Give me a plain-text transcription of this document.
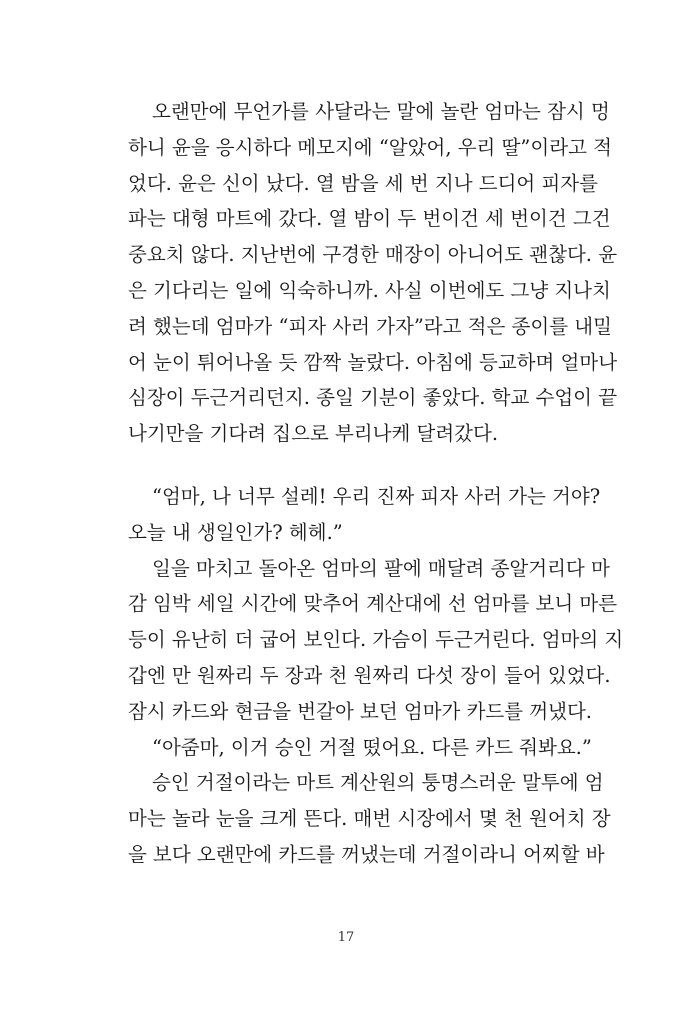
오랜만에 무언가를 사달라는 말에 놀란 엄마는 잠시 멍
하니 윤을 응시하다 메모지에 “알았어, 우리 딸”이라고 적
었다. 윤은 신이 났다. 열 밤을 세 번 지나 드디어 피자를
파는 대형 마트에 갔다. 열 밤이 두 번이건 세 번이건 그건
중요치 않다. 지난번에 구경한 매장이 아니어도 괜찮다. 윤
은 기다리는 일에 익숙하니까. 사실 이번에도 그냥 지나치
려 했는데 엄마가 “피자 사러 가자”라고 적은 종이를 내밀
어 눈이 튀어나올 듯 깜짝 놀랐다. 아침에 등교하며 얼마나
심장이 두근거리던지. 종일 기분이 좋았다. 학교 수업이 끝
나기만을 기다려 집으로 부리나케 달려갔다.
“엄마, 나 너무 설레! 우리 진짜 피자 사러 가는 거야?
오늘 내 생일인가? 헤헤.”
일을 마치고 돌아온 엄마의 팔에 매달려 종알거리다 마
감 임박 세일 시간에 맞추어 계산대에 선 엄마를 보니 마른
등이 유난히 더 굽어 보인다. 가슴이 두근거린다. 엄마의 지
갑엔 만 원짜리 두 장과 천 원짜리 다섯 장이 들어 있었다.
잠시 카드와 현금을 번갈아 보던 엄마가 카드를 꺼냈다.
“아줌마, 이거 승인 거절 떴어요. 다른 카드 줘봐요.”
승인 거절이라는 마트 계산원의 퉁명스러운 말투에 엄
마는 놀라 눈을 크게 뜬다. 매번 시장에서 몇 천 원어치 장
을 보다 오랜만에 카드를 꺼냈는데 거절이라니 어찌할 바
17
